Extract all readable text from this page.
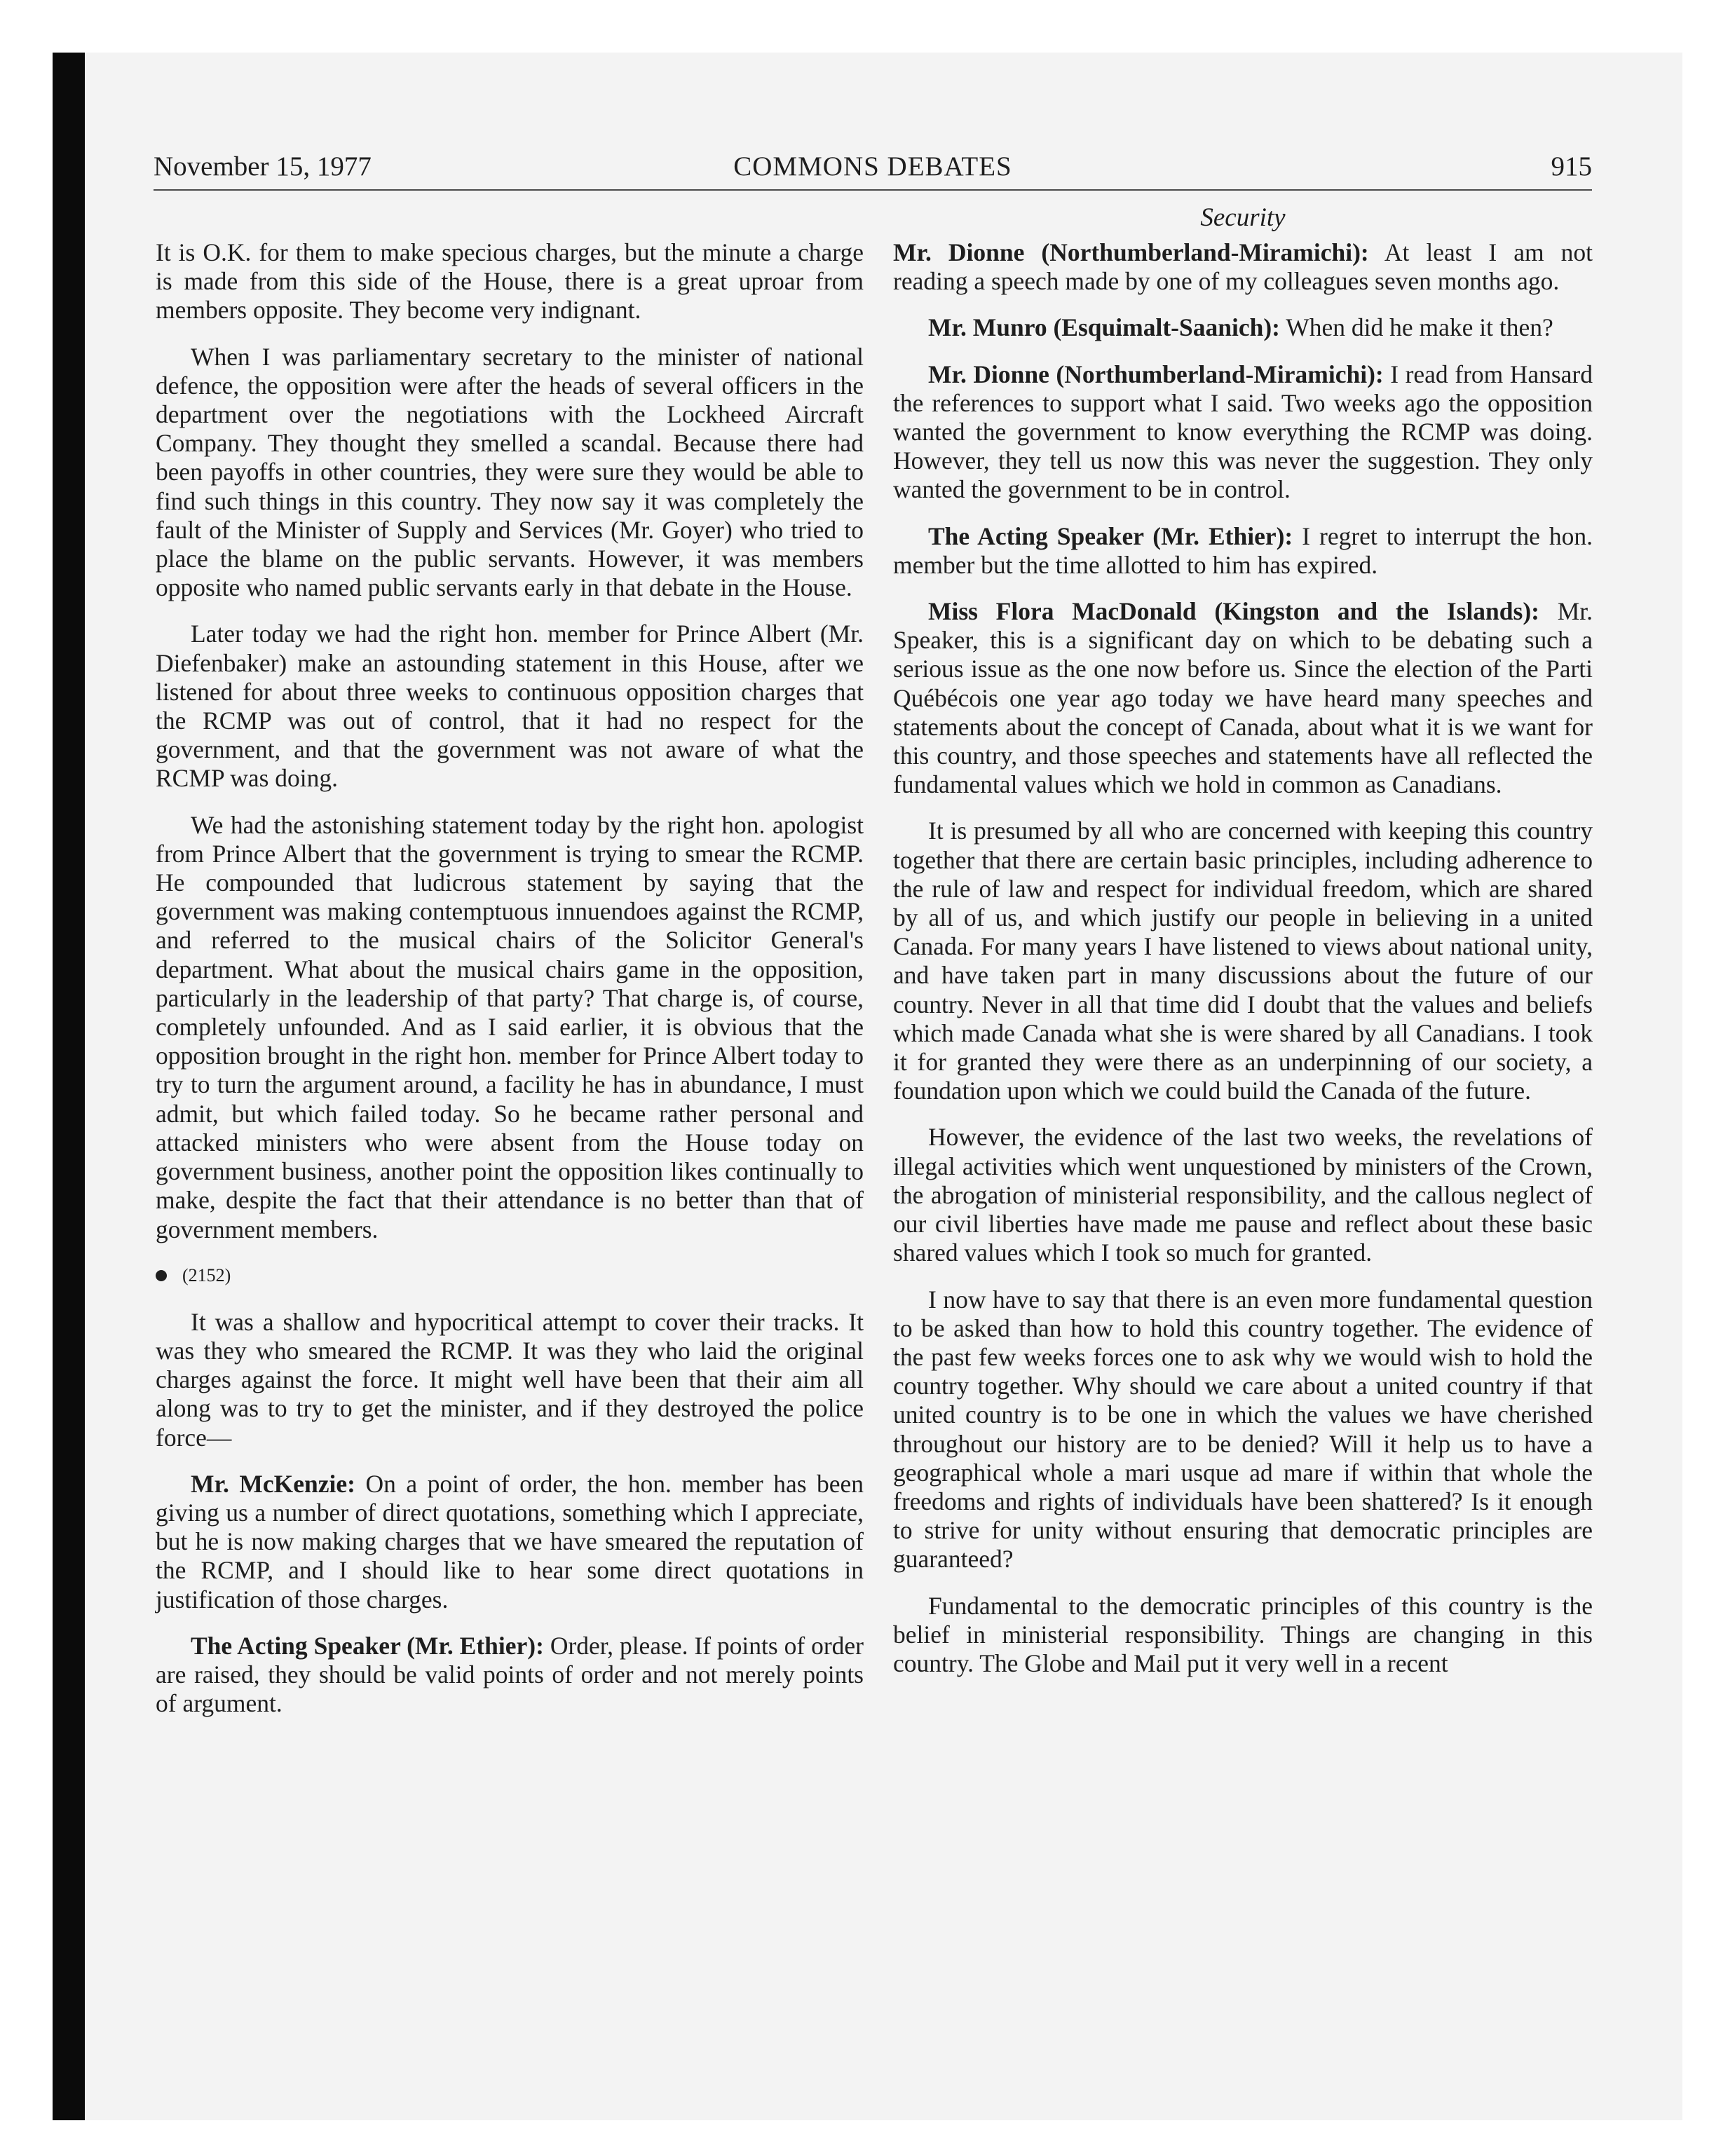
November 15, 1977	COMMONS DEBATES	915
Security

It is O.K. for them to make specious charges, but the minute a charge is made from this side of the House, there is a great uproar from members opposite. They become very indignant.

When I was parliamentary secretary to the minister of national defence, the opposition were after the heads of several officers in the department over the negotiations with the Lockheed Aircraft Company. They thought they smelled a scandal. Because there had been payoffs in other countries, they were sure they would be able to find such things in this country. They now say it was completely the fault of the Minister of Supply and Services (Mr. Goyer) who tried to place the blame on the public servants. However, it was members opposite who named public servants early in that debate in the House.

Later today we had the right hon. member for Prince Albert (Mr. Diefenbaker) make an astounding statement in this House, after we listened for about three weeks to continuous opposition charges that the RCMP was out of control, that it had no respect for the government, and that the government was not aware of what the RCMP was doing.

We had the astonishing statement today by the right hon. apologist from Prince Albert that the government is trying to smear the RCMP. He compounded that ludicrous statement by saying that the government was making contemptuous innuendoes against the RCMP, and referred to the musical chairs of the Solicitor General's department. What about the musical chairs game in the opposition, particularly in the leadership of that party? That charge is, of course, completely unfounded. And as I said earlier, it is obvious that the opposition brought in the right hon. member for Prince Albert today to try to turn the argument around, a facility he has in abundance, I must admit, but which failed today. So he became rather personal and attacked ministers who were absent from the House today on government business, another point the opposition likes continually to make, despite the fact that their attendance is no better than that of government members.

(2152)

It was a shallow and hypocritical attempt to cover their tracks. It was they who smeared the RCMP. It was they who laid the original charges against the force. It might well have been that their aim all along was to try to get the minister, and if they destroyed the police force—

Mr. McKenzie: On a point of order, the hon. member has been giving us a number of direct quotations, something which I appreciate, but he is now making charges that we have smeared the reputation of the RCMP, and I should like to hear some direct quotations in justification of those charges.

The Acting Speaker (Mr. Ethier): Order, please. If points of order are raised, they should be valid points of order and not merely points of argument.

Mr. Dionne (Northumberland-Miramichi): At least I am not reading a speech made by one of my colleagues seven months ago.

Mr. Munro (Esquimalt-Saanich): When did he make it then?

Mr. Dionne (Northumberland-Miramichi): I read from Hansard the references to support what I said. Two weeks ago the opposition wanted the government to know everything the RCMP was doing. However, they tell us now this was never the suggestion. They only wanted the government to be in control.

The Acting Speaker (Mr. Ethier): I regret to interrupt the hon. member but the time allotted to him has expired.

Miss Flora MacDonald (Kingston and the Islands): Mr. Speaker, this is a significant day on which to be debating such a serious issue as the one now before us. Since the election of the Parti Québécois one year ago today we have heard many speeches and statements about the concept of Canada, about what it is we want for this country, and those speeches and statements have all reflected the fundamental values which we hold in common as Canadians.

It is presumed by all who are concerned with keeping this country together that there are certain basic principles, including adherence to the rule of law and respect for individual freedom, which are shared by all of us, and which justify our people in believing in a united Canada. For many years I have listened to views about national unity, and have taken part in many discussions about the future of our country. Never in all that time did I doubt that the values and beliefs which made Canada what she is were shared by all Canadians. I took it for granted they were there as an underpinning of our society, a foundation upon which we could build the Canada of the future.

However, the evidence of the last two weeks, the revelations of illegal activities which went unquestioned by ministers of the Crown, the abrogation of ministerial responsibility, and the callous neglect of our civil liberties have made me pause and reflect about these basic shared values which I took so much for granted.

I now have to say that there is an even more fundamental question to be asked than how to hold this country together. The evidence of the past few weeks forces one to ask why we would wish to hold the country together. Why should we care about a united country if that united country is to be one in which the values we have cherished throughout our history are to be denied? Will it help us to have a geographical whole a mari usque ad mare if within that whole the freedoms and rights of individuals have been shattered? Is it enough to strive for unity without ensuring that democratic principles are guaranteed?

Fundamental to the democratic principles of this country is the belief in ministerial responsibility. Things are changing in this country. The Globe and Mail put it very well in a recent
